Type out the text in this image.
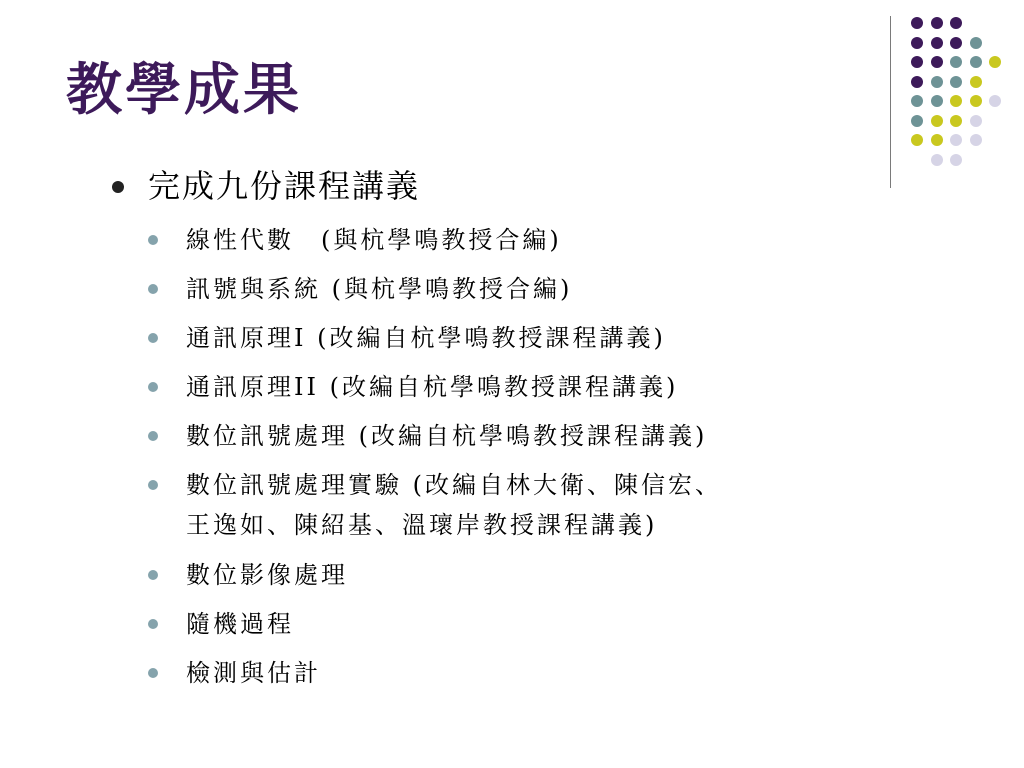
教學成果
完成九份課程講義
線性代數　(與杭學鳴教授合編)
訊號與系統 (與杭學鳴教授合編)
通訊原理I (改編自杭學鳴教授課程講義)
通訊原理II (改編自杭學鳴教授課程講義)
數位訊號處理 (改編自杭學鳴教授課程講義)
數位訊號處理實驗 (改編自林大衛、陳信宏、
王逸如、陳紹基、溫瓌岸教授課程講義)
數位影像處理
隨機過程
檢測與估計
